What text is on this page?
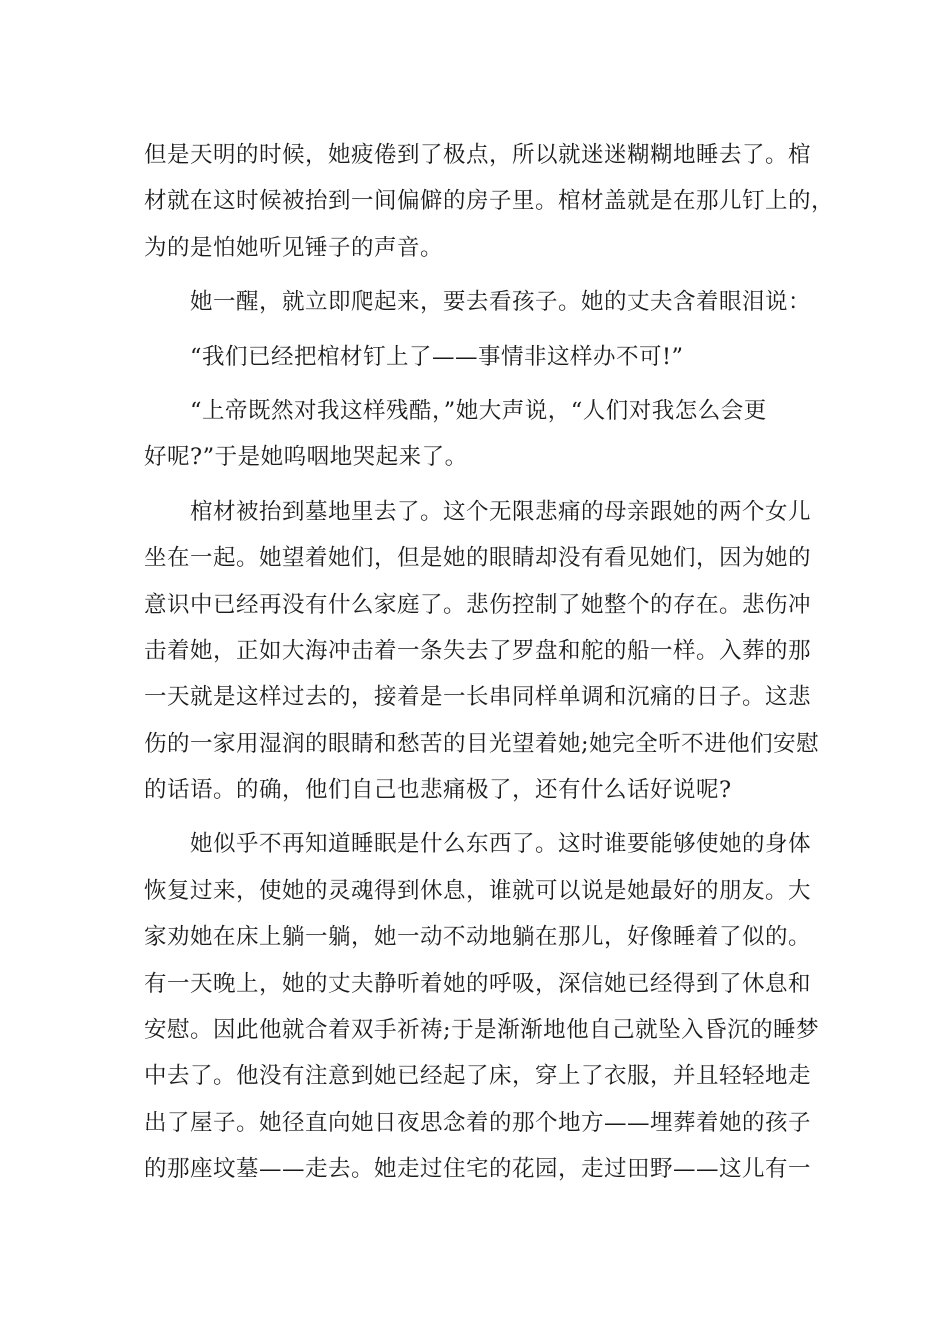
但是天明的时候，她疲倦到了极点，所以就迷迷糊糊地睡去了。棺
材就在这时候被抬到一间偏僻的房子里。棺材盖就是在那儿钉上的，
为的是怕她听见锤子的声音。
她一醒，就立即爬起来，要去看孩子。她的丈夫含着眼泪说：
“我们已经把棺材钉上了——事情非这样办不可!”
“上帝既然对我这样残酷，”她大声说，“人们对我怎么会更
好呢?”于是她呜咽地哭起来了。
棺材被抬到墓地里去了。这个无限悲痛的母亲跟她的两个女儿
坐在一起。她望着她们，但是她的眼睛却没有看见她们，因为她的
意识中已经再没有什么家庭了。悲伤控制了她整个的存在。悲伤冲
击着她，正如大海冲击着一条失去了罗盘和舵的船一样。入葬的那
一天就是这样过去的，接着是一长串同样单调和沉痛的日子。这悲
伤的一家用湿润的眼睛和愁苦的目光望着她;她完全听不进他们安慰
的话语。的确，他们自己也悲痛极了，还有什么话好说呢?
她似乎不再知道睡眠是什么东西了。这时谁要能够使她的身体
恢复过来，使她的灵魂得到休息，谁就可以说是她最好的朋友。大
家劝她在床上躺一躺，她一动不动地躺在那儿，好像睡着了似的。
有一天晚上，她的丈夫静听着她的呼吸，深信她已经得到了休息和
安慰。因此他就合着双手祈祷;于是渐渐地他自己就坠入昏沉的睡梦
中去了。他没有注意到她已经起了床，穿上了衣服，并且轻轻地走
出了屋子。她径直向她日夜思念着的那个地方——埋葬着她的孩子
的那座坟墓——走去。她走过住宅的花园，走过田野——这儿有一
